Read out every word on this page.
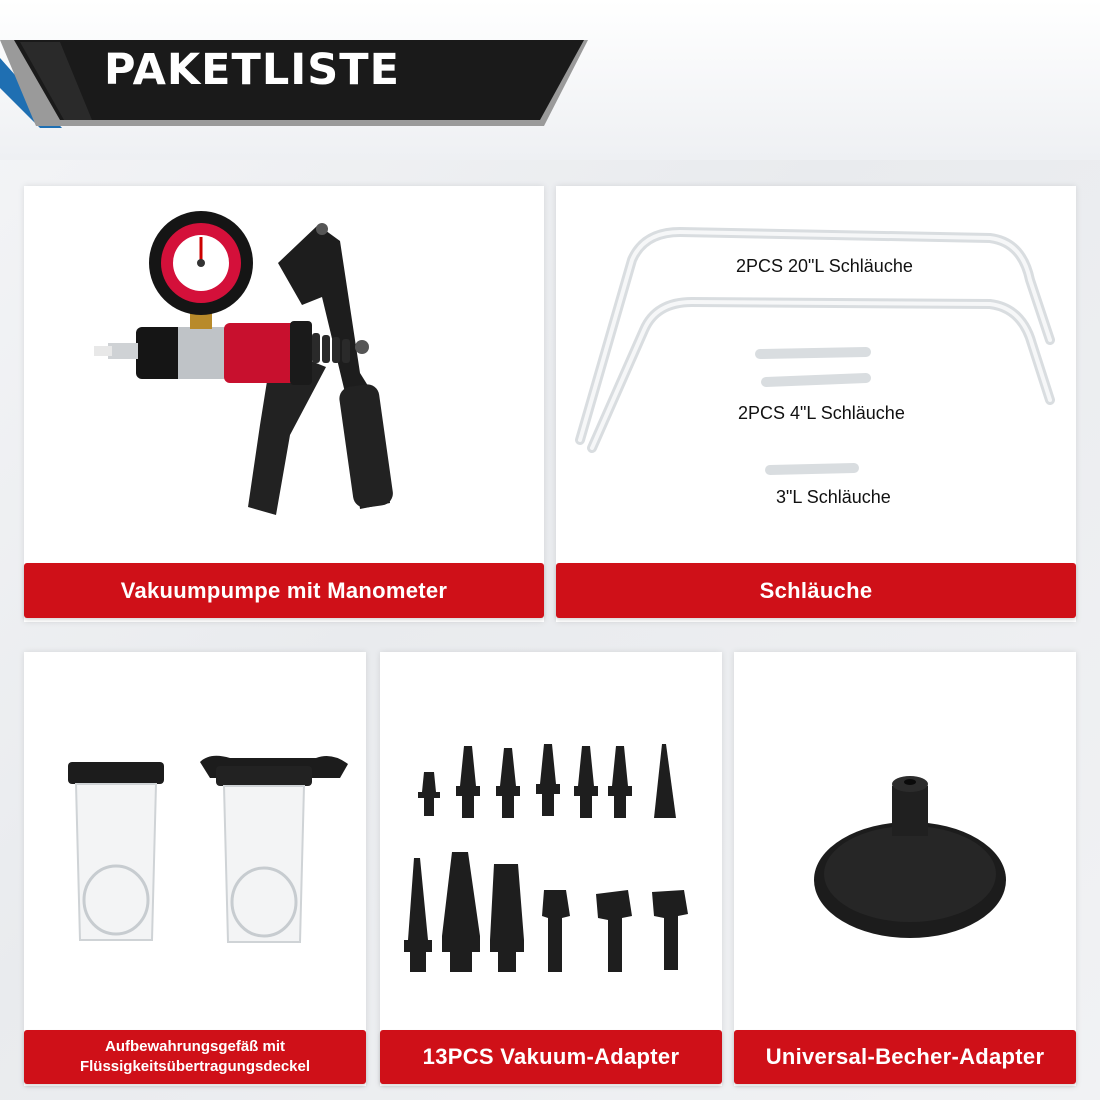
PAKETLISTE
Vakuumpumpe mit Manometer
2PCS 20"L Schläuche
2PCS 4"L Schläuche
3"L Schläuche
Schläuche
Aufbewahrungsgefäß mit
Flüssigkeitsübertragungsdeckel	13PCS Vakuum-Adapter	Universal-Becher-Adapter
